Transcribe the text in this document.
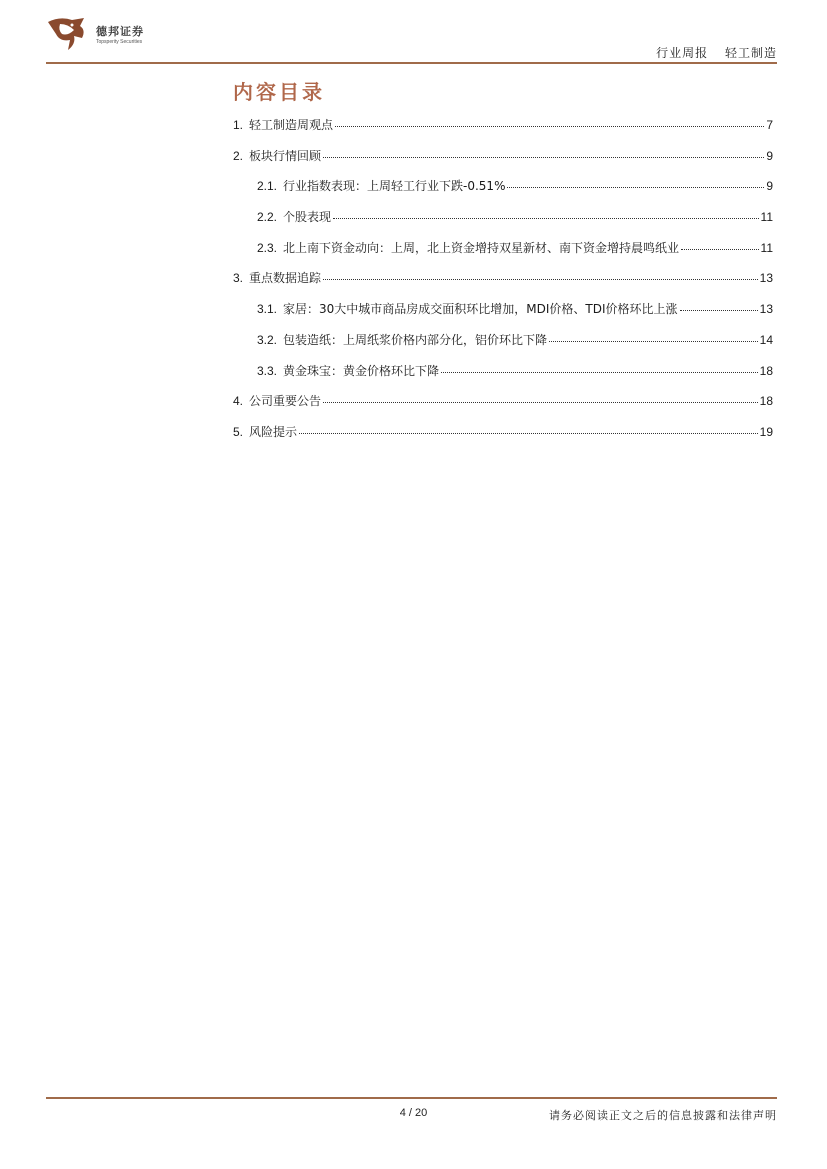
德邦证券
Topsperity Securities
行业周报 轻工制造
内容目录
1. 轻工制造周观点	7
2. 板块行情回顾	9
2.1. 行业指数表现：上周轻工行业下跌-0.51%	9
2.2. 个股表现	11
2.3. 北上南下资金动向：上周，北上资金增持双星新材、南下资金增持晨鸣纸业	11
3. 重点数据追踪	13
3.1. 家居：30大中城市商品房成交面积环比增加，MDI价格、TDI价格环比上涨	13
3.2. 包装造纸：上周纸浆价格内部分化，铝价环比下降	14
3.3. 黄金珠宝：黄金价格环比下降	18
4. 公司重要公告	18
5. 风险提示	19
4 / 20	请务必阅读正文之后的信息披露和法律声明
